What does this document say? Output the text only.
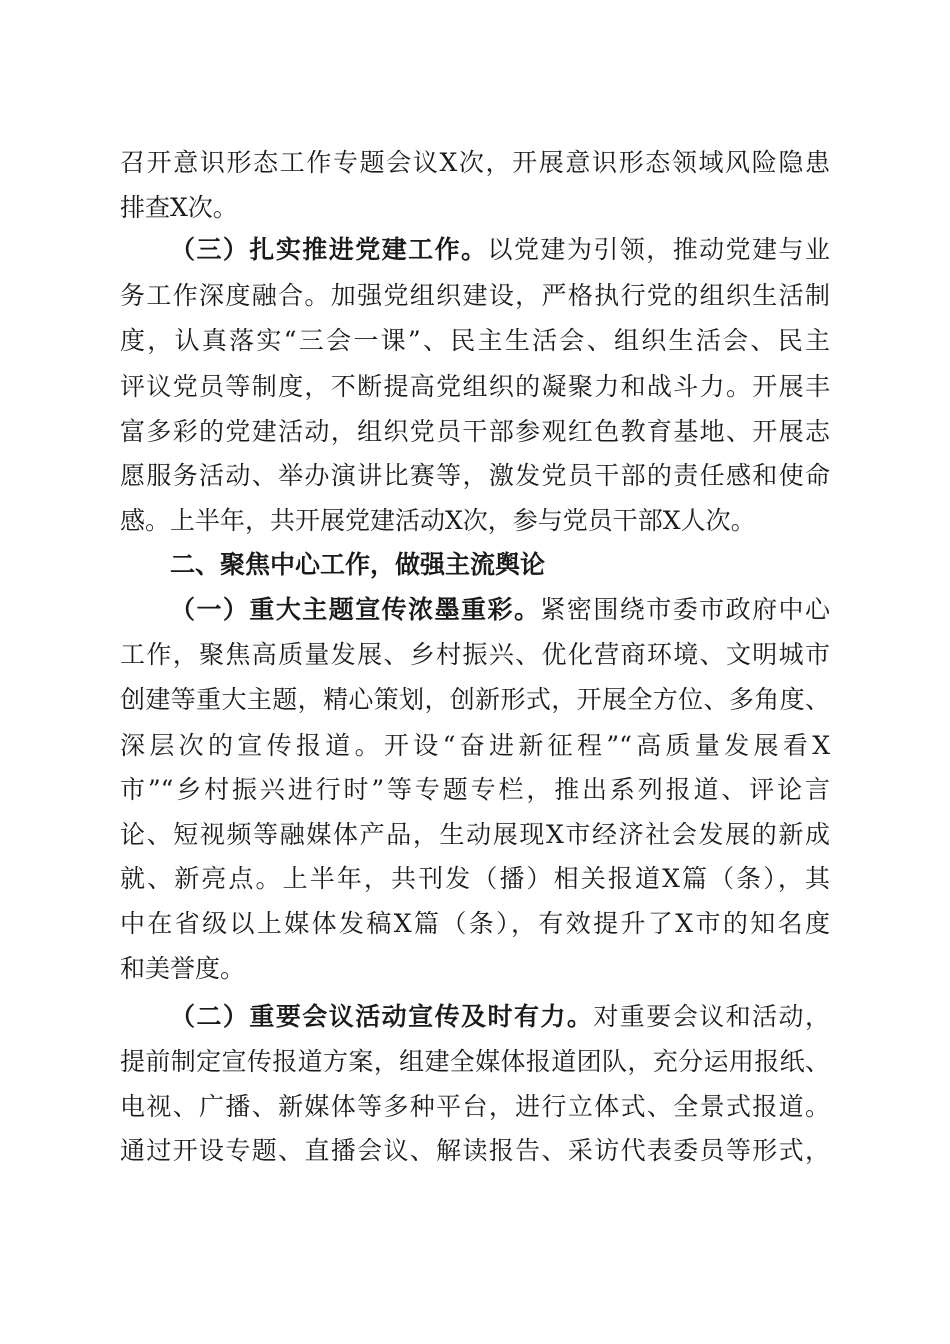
召开意识形态工作专题会议X次，开展意识形态领域风险隐患
排查X次。
（三）扎实推进党建工作。以党建为引领，推动党建与业
务工作深度融合。加强党组织建设，严格执行党的组织生活制
度，认真落实“三会一课”、民主生活会、组织生活会、民主
评议党员等制度，不断提高党组织的凝聚力和战斗力。开展丰
富多彩的党建活动，组织党员干部参观红色教育基地、开展志
愿服务活动、举办演讲比赛等，激发党员干部的责任感和使命
感。上半年，共开展党建活动X次，参与党员干部X人次。
二、聚焦中心工作，做强主流舆论
（一）重大主题宣传浓墨重彩。紧密围绕市委市政府中心
工作，聚焦高质量发展、乡村振兴、优化营商环境、文明城市
创建等重大主题，精心策划，创新形式，开展全方位、多角度、
深层次的宣传报道。开设“奋进新征程”“高质量发展看X
市”“乡村振兴进行时”等专题专栏，推出系列报道、评论言
论、短视频等融媒体产品，生动展现X市经济社会发展的新成
就、新亮点。上半年，共刊发（播）相关报道X篇（条），其
中在省级以上媒体发稿X篇（条），有效提升了X市的知名度
和美誉度。
（二）重要会议活动宣传及时有力。对重要会议和活动，
提前制定宣传报道方案，组建全媒体报道团队，充分运用报纸、
电视、广播、新媒体等多种平台，进行立体式、全景式报道。
通过开设专题、直播会议、解读报告、采访代表委员等形式，
